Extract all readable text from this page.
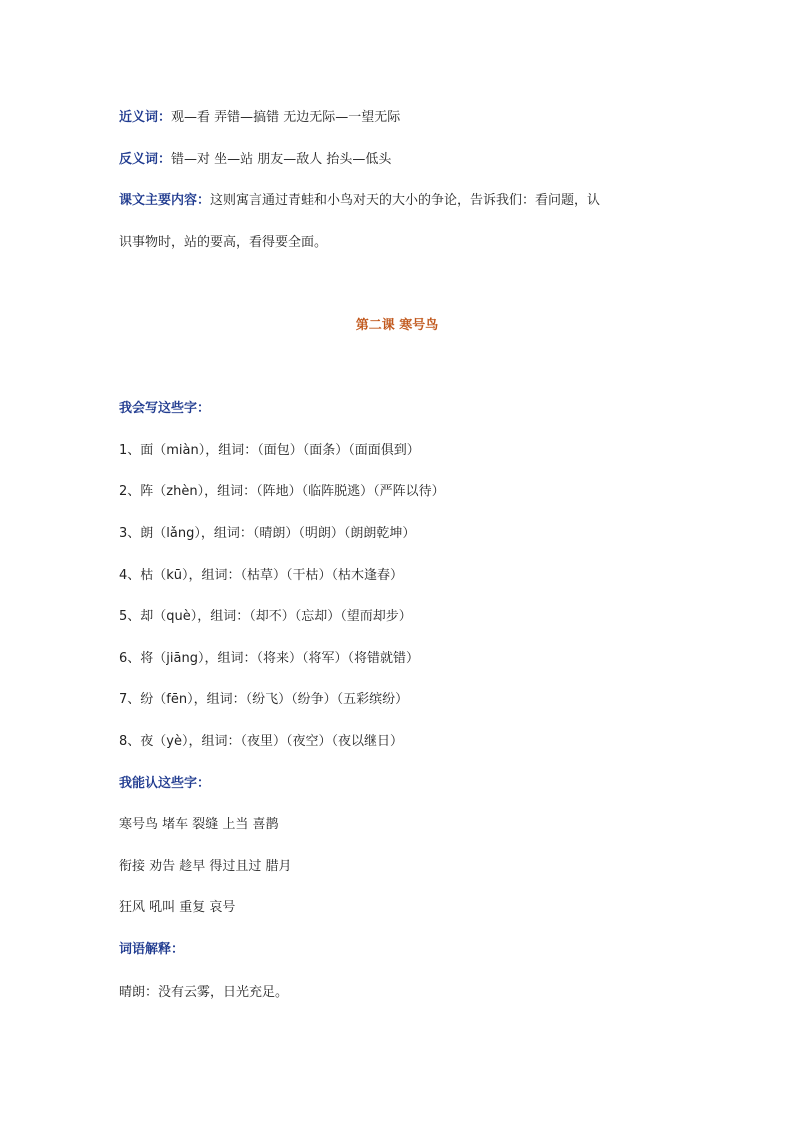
近义词：观—看 弄错—搞错 无边无际—一望无际
反义词：错—对 坐—站 朋友—敌人 抬头—低头
课文主要内容：这则寓言通过青蛙和小鸟对天的大小的争论，告诉我们：看问题，认
识事物时，站的要高，看得要全面。
第二课 寒号鸟
我会写这些字：
1、面（miàn），组词：（面包）（面条）（面面俱到）
2、阵（zhèn），组词：（阵地）（临阵脱逃）（严阵以待）
3、朗（lǎng），组词：（晴朗）（明朗）（朗朗乾坤）
4、枯（kū），组词：（枯草）（干枯）（枯木逢春）
5、却（què），组词：（却不）（忘却）（望而却步）
6、将（jiāng），组词：（将来）（将军）（将错就错）
7、纷（fēn），组词：（纷飞）（纷争）（五彩缤纷）
8、夜（yè），组词：（夜里）（夜空）（夜以继日）
我能认这些字：
寒号鸟 堵车 裂缝 上当 喜鹊
衔接 劝告 趁早 得过且过 腊月
狂风 吼叫 重复 哀号
词语解释：
晴朗：没有云雾，日光充足。
